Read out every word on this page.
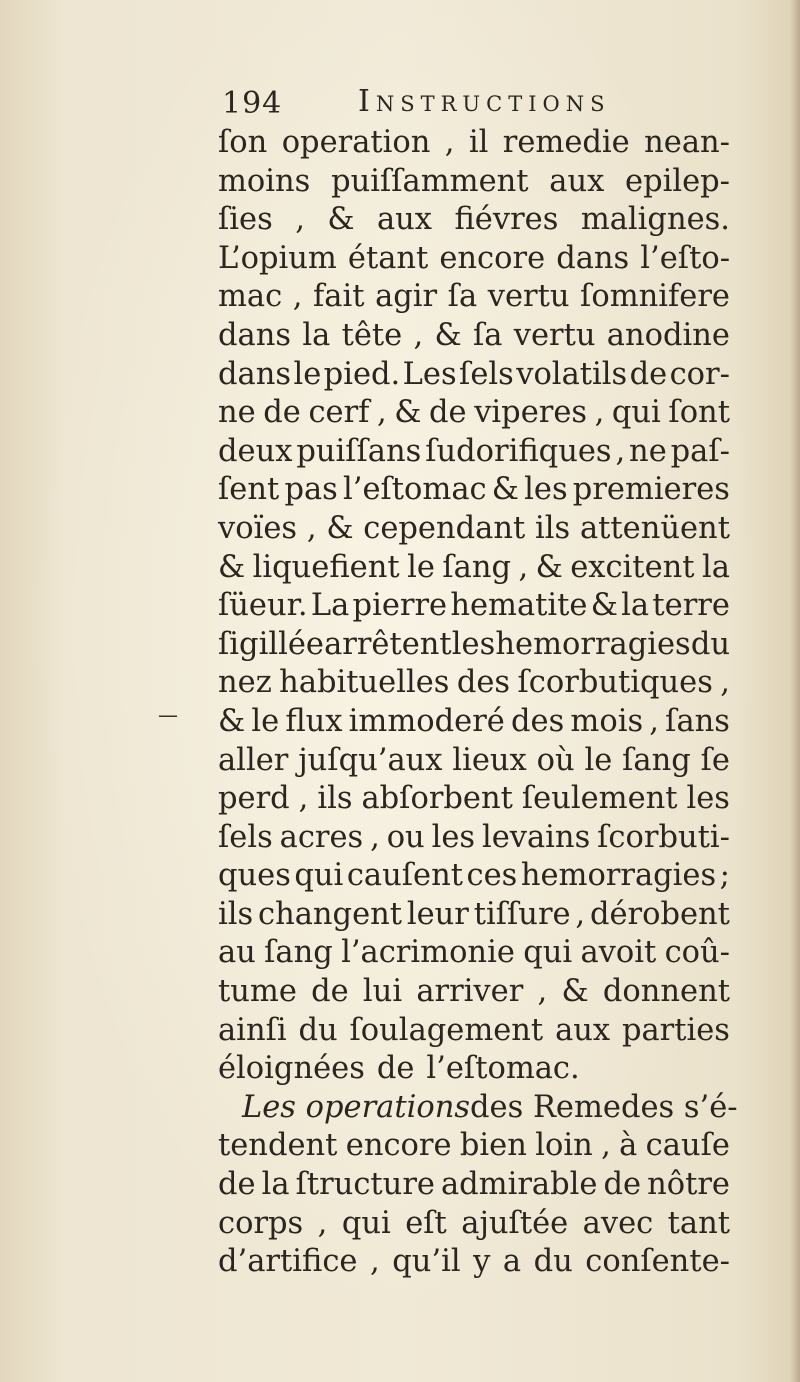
194	Instructions
—
ſon operation , il remedie nean-
moins puiſſamment aux epilep-
ſies , & aux fiévres malignes.
L’opium étant encore dans l’eſto-
mac , fait agir ſa vertu ſomnifere
dans la tête , & ſa vertu anodine
dans le pied. Les ſels volatils de cor-
ne de cerf , & de viperes , qui ſont
deux puiſſans ſudorifiques , ne paſ-
ſent pas l’eſtomac & les premieres
voïes , & cependant ils attenüent
& liquefient le ſang , & excitent la
ſüeur. La pierre hematite & la terre
ſigillée arrêtent les hemorragies du
nez habituelles des ſcorbutiques ,
& le flux immoderé des mois , ſans
aller juſqu’aux lieux où le ſang ſe
perd , ils abſorbent ſeulement les
ſels acres , ou les levains ſcorbuti-
ques qui cauſent ces hemorragies ;
ils changent leur tiſſure , dérobent
au ſang l’acrimonie qui avoit coû-
tume de lui arriver , & donnent
ainſi du ſoulagement aux parties
éloignées de l’eſtomac.
Les operations des Remedes s’é-
tendent encore bien loin , à cauſe
de la ſtructure admirable de nôtre
corps , qui eſt ajuſtée avec tant
d’artifice , qu’il y a du conſente-
